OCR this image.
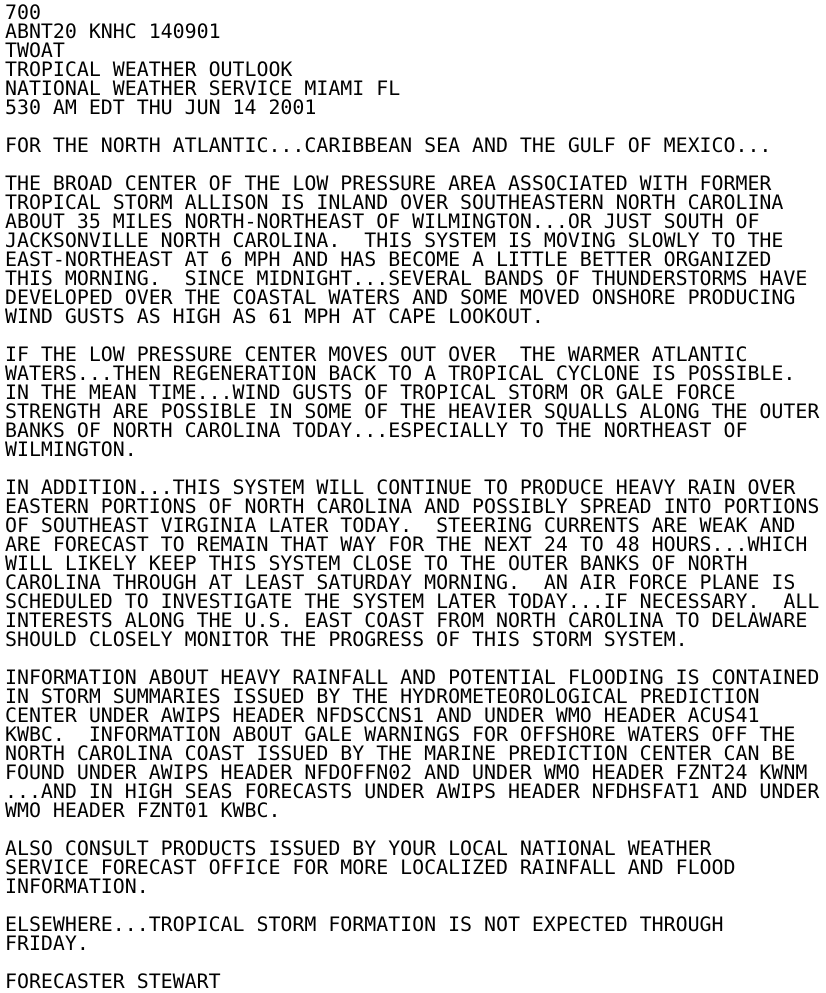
700
ABNT20 KNHC 140901
TWOAT
TROPICAL WEATHER OUTLOOK
NATIONAL WEATHER SERVICE MIAMI FL
530 AM EDT THU JUN 14 2001
FOR THE NORTH ATLANTIC...CARIBBEAN SEA AND THE GULF OF MEXICO...
THE BROAD CENTER OF THE LOW PRESSURE AREA ASSOCIATED WITH FORMER
TROPICAL STORM ALLISON IS INLAND OVER SOUTHEASTERN NORTH CAROLINA
ABOUT 35 MILES NORTH-NORTHEAST OF WILMINGTON...OR JUST SOUTH OF
JACKSONVILLE NORTH CAROLINA.  THIS SYSTEM IS MOVING SLOWLY TO THE
EAST-NORTHEAST AT 6 MPH AND HAS BECOME A LITTLE BETTER ORGANIZED
THIS MORNING.  SINCE MIDNIGHT...SEVERAL BANDS OF THUNDERSTORMS HAVE
DEVELOPED OVER THE COASTAL WATERS AND SOME MOVED ONSHORE PRODUCING
WIND GUSTS AS HIGH AS 61 MPH AT CAPE LOOKOUT.
IF THE LOW PRESSURE CENTER MOVES OUT OVER  THE WARMER ATLANTIC
WATERS...THEN REGENERATION BACK TO A TROPICAL CYCLONE IS POSSIBLE.
IN THE MEAN TIME...WIND GUSTS OF TROPICAL STORM OR GALE FORCE
STRENGTH ARE POSSIBLE IN SOME OF THE HEAVIER SQUALLS ALONG THE OUTER
BANKS OF NORTH CAROLINA TODAY...ESPECIALLY TO THE NORTHEAST OF
WILMINGTON.
IN ADDITION...THIS SYSTEM WILL CONTINUE TO PRODUCE HEAVY RAIN OVER
EASTERN PORTIONS OF NORTH CAROLINA AND POSSIBLY SPREAD INTO PORTIONS
OF SOUTHEAST VIRGINIA LATER TODAY.  STEERING CURRENTS ARE WEAK AND
ARE FORECAST TO REMAIN THAT WAY FOR THE NEXT 24 TO 48 HOURS...WHICH
WILL LIKELY KEEP THIS SYSTEM CLOSE TO THE OUTER BANKS OF NORTH
CAROLINA THROUGH AT LEAST SATURDAY MORNING.  AN AIR FORCE PLANE IS
SCHEDULED TO INVESTIGATE THE SYSTEM LATER TODAY...IF NECESSARY.  ALL
INTERESTS ALONG THE U.S. EAST COAST FROM NORTH CAROLINA TO DELAWARE
SHOULD CLOSELY MONITOR THE PROGRESS OF THIS STORM SYSTEM.
INFORMATION ABOUT HEAVY RAINFALL AND POTENTIAL FLOODING IS CONTAINED
IN STORM SUMMARIES ISSUED BY THE HYDROMETEOROLOGICAL PREDICTION
CENTER UNDER AWIPS HEADER NFDSCCNS1 AND UNDER WMO HEADER ACUS41
KWBC.  INFORMATION ABOUT GALE WARNINGS FOR OFFSHORE WATERS OFF THE
NORTH CAROLINA COAST ISSUED BY THE MARINE PREDICTION CENTER CAN BE
FOUND UNDER AWIPS HEADER NFDOFFN02 AND UNDER WMO HEADER FZNT24 KWNM
...AND IN HIGH SEAS FORECASTS UNDER AWIPS HEADER NFDHSFAT1 AND UNDER
WMO HEADER FZNT01 KWBC.
ALSO CONSULT PRODUCTS ISSUED BY YOUR LOCAL NATIONAL WEATHER
SERVICE FORECAST OFFICE FOR MORE LOCALIZED RAINFALL AND FLOOD
INFORMATION.
ELSEWHERE...TROPICAL STORM FORMATION IS NOT EXPECTED THROUGH
FRIDAY.
FORECASTER STEWART
